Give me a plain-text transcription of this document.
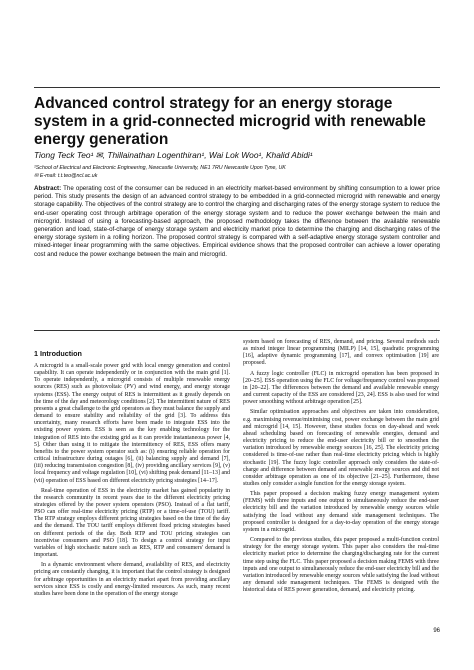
Advanced control strategy for an energy storage system in a grid-connected microgrid with renewable energy generation
Tiong Teck Teo¹ ✉, Thillainathan Logenthiran¹, Wai Lok Woo¹, Khalid Abidi¹

¹School of Electrical and Electronic Engineering, Newcastle University, NE1 7RU Newcastle Upon Tyne, UK

✉ E-mail: t.t.teo@ncl.ac.uk

Abstract: The operating cost of the consumer can be reduced in an electricity market-based environment by shifting consumption to a lower price period. This study presents the design of an advanced control strategy to be embedded in a grid-connected microgrid with renewable and energy storage capability. The objectives of the control strategy are to control the charging and discharging rates of the energy storage system to reduce the end-user operating cost through arbitrage operation of the energy storage system and to reduce the power exchange between the main and microgrid. Instead of using a forecasting-based approach, the proposed methodology takes the difference between the available renewable generation and load, state-of-charge of energy storage system and electricity market price to determine the charging and discharging rates of the energy storage system in a rolling horizon. The proposed control strategy is compared with a self-adaptive energy storage system controller and mixed-integer linear programming with the same objectives. Empirical evidence shows that the proposed controller can achieve a lower operating cost and reduce the power exchange between the main and microgrid.

1 Introduction

A microgrid is a small-scale power grid with local energy generation and control capability. It can operate independently or in conjunction with the main grid [1]. To operate independently, a microgrid consists of multiple renewable energy sources (RES) such as photovoltaic (PV) and wind energy, and energy storage systems (ESS). The energy output of RES is intermittent as it greatly depends on the time of the day and meteorology conditions [2]. The intermittent nature of RES presents a great challenge to the grid operators as they must balance the supply and demand to ensure stability and reliability of the grid [3]. To address this uncertainty, many research efforts have been made to integrate ESS into the existing power system. ESS is seen as the key enabling technology for the integration of RES into the existing grid as it can provide instantaneous power [4, 5]. Other than using it to mitigate the intermittency of RES, ESS offers many benefits to the power system operator such as: (i) ensuring reliable operation for critical infrastructure during outages [6], (ii) balancing supply and demand [7], (iii) reducing transmission congestion [8], (iv) providing ancillary services [9], (v) local frequency and voltage regulation [10], (vi) shifting peak demand [11–13] and (vii) operation of ESS based on different electricity pricing strategies [14–17].

Real-time operation of ESS in the electricity market has gained popularity in the research community in recent years due to the different electricity pricing strategies offered by the power system operators (PSO). Instead of a flat tariff, PSO can offer real-time electricity pricing (RTP) or a time-of-use (TOU) tariff. The RTP strategy employs different pricing strategies based on the time of the day and the demand. The TOU tariff employs different fixed pricing strategies based on different periods of the day. Both RTP and TOU pricing strategies can incentivise consumers and PSO [18]. To design a control strategy for input variables of high stochastic nature such as RES, RTP and consumers' demand is important.

In a dynamic environment where demand, availability of RES, and electricity pricing are constantly changing, it is important that the control strategy is designed for arbitrage opportunities in an electricity market apart from providing ancillary services since ESS is costly and energy-limited resources. As such, many recent studies have been done in the operation of the energy storage

system based on forecasting of RES, demand, and pricing. Several methods such as mixed integer linear programming (MILP) [14, 15], quadratic programming [16], adaptive dynamic programming [17], and convex optimisation [19] are proposed.

A fuzzy logic controller (FLC) in microgrid operation has been proposed in [20–25]. ESS operation using the FLC for voltage/frequency control was proposed in [20–22]. The differences between the demand and available renewable energy and current capacity of the ESS are considered [23, 24]. ESS is also used for wind power smoothing without arbitrage operation [25].

Similar optimisation approaches and objectives are taken into consideration, e.g. maximising revenue/minimising cost, power exchange between the main grid and microgrid [14, 15]. However, these studies focus on day-ahead and week ahead scheduling based on forecasting of renewable energies, demand and electricity pricing to reduce the end-user electricity bill or to smoothen the variation introduced by renewable energy sources [16, 25]. The electricity pricing considered is time-of-use rather than real-time electricity pricing which is highly stochastic [19]. The fuzzy logic controller approach only considers the state-of-charge and difference between demand and renewable energy sources and did not consider arbitrage operation as one of its objective [21–25]. Furthermore, these studies only consider a single function for the energy storage system.

This paper proposed a decision making fuzzy energy management system (FEMS) with three inputs and one output to simultaneously reduce the end-user electricity bill and the variation introduced by renewable energy sources while satisfying the load without any demand side management techniques. The proposed controller is designed for a day-to-day operation of the energy storage system in a microgrid.

Compared to the previous studies, this paper proposed a multi-function control strategy for the energy storage system. This paper also considers the real-time electricity market price to determine the charging/discharging rate for the current time step using the FLC. This paper proposed a decision making FEMS with three inputs and one output to simultaneously reduce the end-user electricity bill and the variation introduced by renewable energy sources while satisfying the load without any demand side management techniques. The FEMS is designed with the historical data of RES power generation, demand, and electricity pricing.

96
